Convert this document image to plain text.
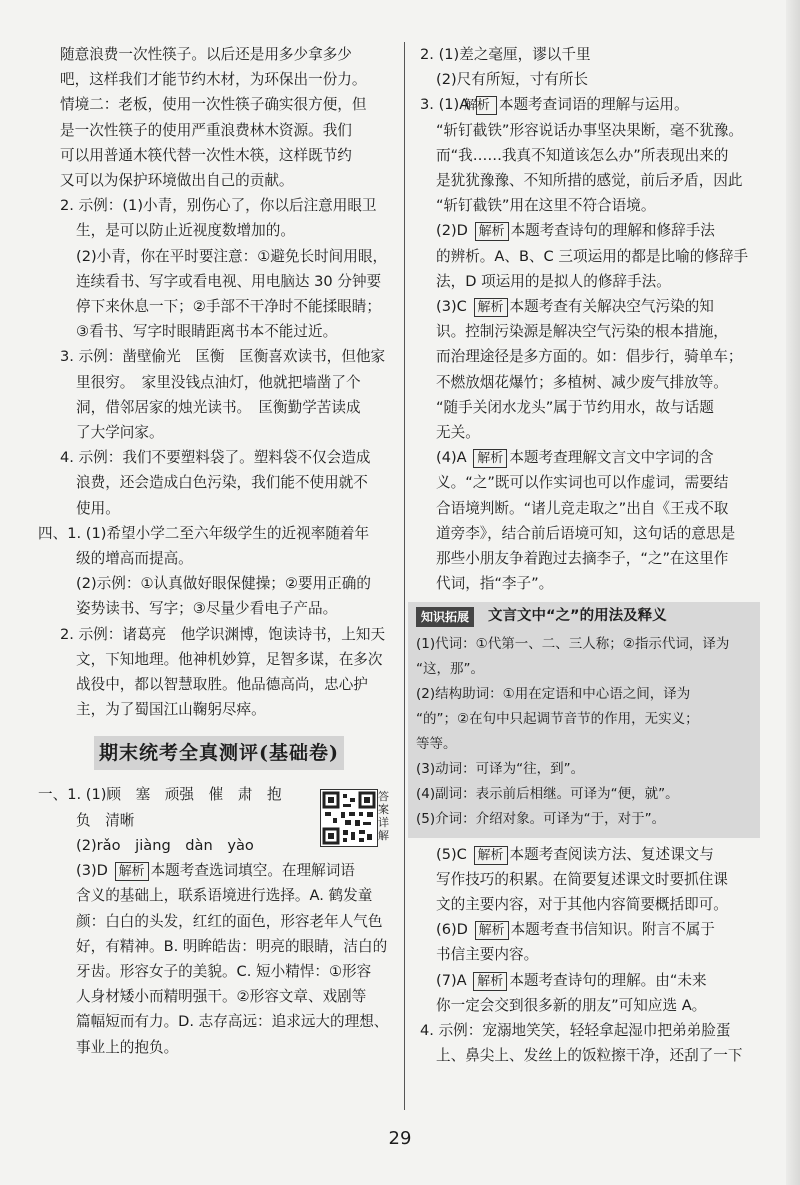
随意浪费一次性筷子。以后还是用多少拿多少

吧，这样我们才能节约木材，为环保出一份力。

情境二：老板，使用一次性筷子确实很方便，但

是一次性筷子的使用严重浪费林木资源。我们

可以用普通木筷代替一次性木筷，这样既节约

又可以为保护环境做出自己的贡献。

2. 示例：(1)小青，别伤心了，你以后注意用眼卫

生，是可以防止近视度数增加的。

(2)小青，你在平时要注意：①避免长时间用眼，

连续看书、写字或看电视、用电脑达 30 分钟要

停下来休息一下；②手部不干净时不能揉眼睛；

③看书、写字时眼睛距离书本不能过近。

3. 示例：凿壁偷光　匡衡　匡衡喜欢读书，但他家

里很穷。　家里没钱点油灯，他就把墙凿了个

洞，借邻居家的烛光读书。　匡衡勤学苦读成

了大学问家。

4. 示例：我们不要塑料袋了。塑料袋不仅会造成

浪费，还会造成白色污染，我们能不使用就不

使用。

四、1. (1)希望小学二至六年级学生的近视率随着年

级的增高而提高。

(2)示例：①认真做好眼保健操；②要用正确的

姿势读书、写字；③尽量少看电子产品。

2. 示例：诸葛亮　他学识渊博，饱读诗书，上知天

文，下知地理。他神机妙算，足智多谋，在多次

战役中，都以智慧取胜。他品德高尚，忠心护

主，为了蜀国江山鞠躬尽瘁。

期末统考全真测评(基础卷)
答案详解

一、1. (1)顾　塞　顽强　催　肃　抱

负　清晰

(2)rǎo　jiàng　dàn　yào

(3)D 解析 本题考查选词填空。在理解词语

含义的基础上，联系语境进行选择。A. 鹤发童

颜：白白的头发，红红的面色，形容老年人气色

好，有精神。B. 明眸皓齿：明亮的眼睛，洁白的

牙齿。形容女子的美貌。C. 短小精悍：①形容

人身材矮小而精明强干。②形容文章、戏剧等

篇幅短而有力。D. 志存高远：追求远大的理想、

事业上的抱负。

2. (1)差之毫厘，谬以千里

(2)尺有所短，寸有所长

3. (1)A 解析 本题考查词语的理解与运用。

“斩钉截铁”形容说话办事坚决果断，毫不犹豫。

而“我……我真不知道该怎么办”所表现出来的

是犹犹豫豫、不知所措的感觉，前后矛盾，因此

“斩钉截铁”用在这里不符合语境。

(2)D 解析 本题考查诗句的理解和修辞手法

的辨析。A、B、C 三项运用的都是比喻的修辞手

法，D 项运用的是拟人的修辞手法。

(3)C 解析 本题考查有关解决空气污染的知

识。控制污染源是解决空气污染的根本措施，

而治理途径是多方面的。如：倡步行，骑单车；

不燃放烟花爆竹；多植树、减少废气排放等。

“随手关闭水龙头”属于节约用水，故与话题

无关。

(4)A 解析 本题考查理解文言文中字词的含

义。“之”既可以作实词也可以作虚词，需要结

合语境判断。“诸儿竞走取之”出自《王戎不取

道旁李》，结合前后语境可知，这句话的意思是

那些小朋友争着跑过去摘李子，“之”在这里作

代词，指“李子”。

知识拓展	文言文中“之”的用法及释义

(1)代词：①代第一、二、三人称；②指示代词，译为

“这，那”。

(2)结构助词：①用在定语和中心语之间，译为

“的”；②在句中只起调节音节的作用，无实义；

等等。

(3)动词：可译为“往，到”。

(4)副词：表示前后相继。可译为“便，就”。

(5)介词：介绍对象。可译为“于，对于”。

(5)C 解析 本题考查阅读方法、复述课文与

写作技巧的积累。在简要复述课文时要抓住课

文的主要内容，对于其他内容简要概括即可。

(6)D 解析 本题考查书信知识。附言不属于

书信主要内容。

(7)A 解析 本题考查诗句的理解。由“未来

你一定会交到很多新的朋友”可知应选 A。

4. 示例：宠溺地笑笑，轻轻拿起湿巾把弟弟脸蛋

上、鼻尖上、发丝上的饭粒擦干净，还刮了一下

29
